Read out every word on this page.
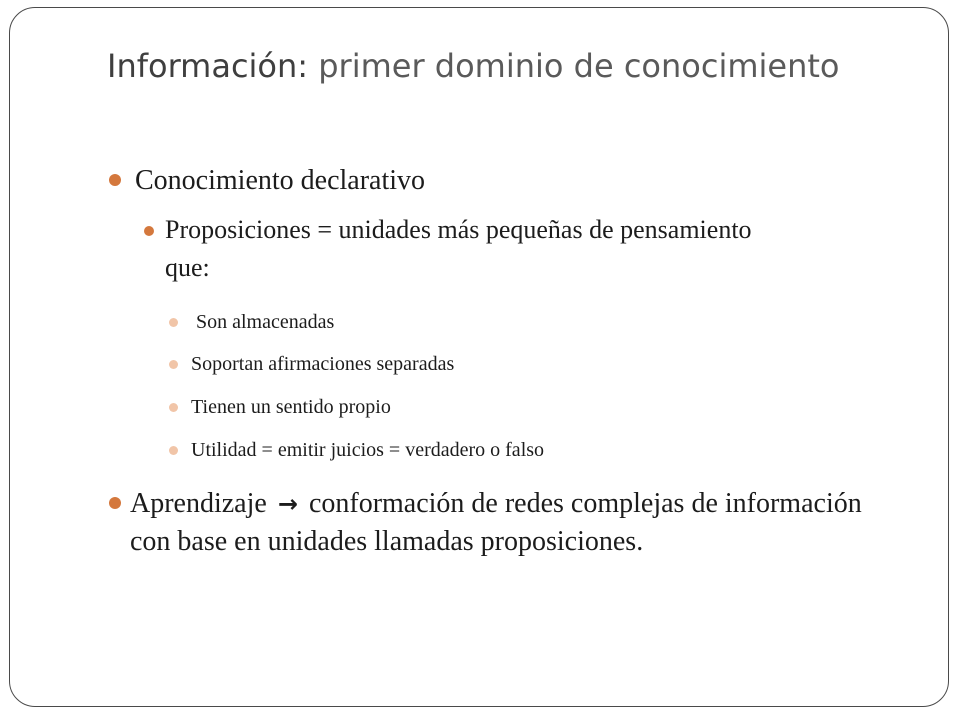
Información: primer dominio de conocimiento
Conocimiento declarativo
Proposiciones = unidades más pequeñas de pensamiento que:
Son almacenadas
Soportan afirmaciones separadas
Tienen un sentido propio
Utilidad = emitir juicios = verdadero o falso
Aprendizaje → conformación de redes complejas de información con base en unidades llamadas proposiciones.
